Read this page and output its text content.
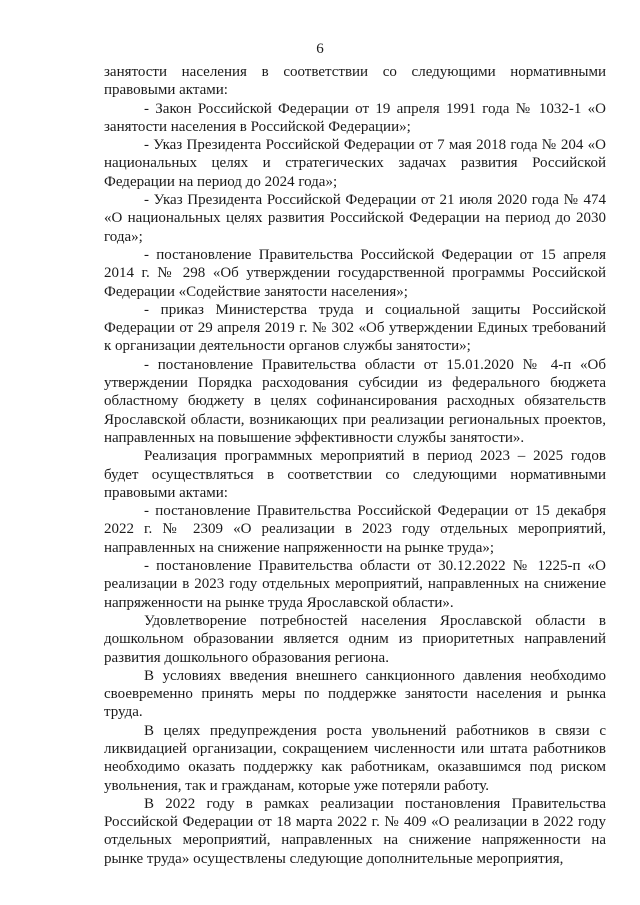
6

занятости населения в соответствии со следующими нормативными правовыми актами:

- Закон Российской Федерации от 19 апреля 1991 года № 1032-1 «О занятости населения в Российской Федерации»;

- Указ Президента Российской Федерации от 7 мая 2018 года № 204 «О национальных целях и стратегических задачах развития Российской Федерации на период до 2024 года»;

- Указ Президента Российской Федерации от 21 июля 2020 года № 474 «О национальных целях развития Российской Федерации на период до 2030 года»;

- постановление Правительства Российской Федерации от 15 апреля 2014 г. № 298 «Об утверждении государственной программы Российской Федерации «Содействие занятости населения»;

- приказ Министерства труда и социальной защиты Российской Федерации от 29 апреля 2019 г. № 302 «Об утверждении Единых требований к организации деятельности органов службы занятости»;

- постановление Правительства области от 15.01.2020 № 4-п «Об утверждении Порядка расходования субсидии из федерального бюджета областному бюджету в целях софинансирования расходных обязательств Ярославской области, возникающих при реализации региональных проектов, направленных на повышение эффективности службы занятости».

Реализация программных мероприятий в период 2023 – 2025 годов будет осуществляться в соответствии со следующими нормативными правовыми актами:

- постановление Правительства Российской Федерации от 15 декабря 2022 г. № 2309 «О реализации в 2023 году отдельных мероприятий, направленных на снижение напряженности на рынке труда»;

- постановление Правительства области от 30.12.2022 № 1225-п «О реализации в 2023 году отдельных мероприятий, направленных на снижение напряженности на рынке труда Ярославской области».

Удовлетворение потребностей населения Ярославской области в дошкольном образовании является одним из приоритетных направлений развития дошкольного образования региона.

В условиях введения внешнего санкционного давления необходимо своевременно принять меры по поддержке занятости населения и рынка труда.

В целях предупреждения роста увольнений работников в связи с ликвидацией организации, сокращением численности или штата работников необходимо оказать поддержку как работникам, оказавшимся под риском увольнения, так и гражданам, которые уже потеряли работу.

В 2022 году в рамках реализации постановления Правительства Российской Федерации от 18 марта 2022 г. № 409 «О реализации в 2022 году отдельных мероприятий, направленных на снижение напряженности на рынке труда» осуществлены следующие дополнительные мероприятия,
